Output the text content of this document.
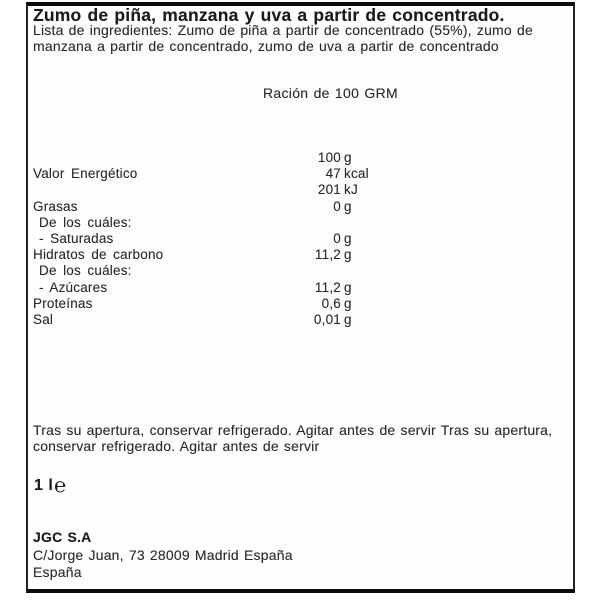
Zumo de piña, manzana y uva a partir de concentrado.
Lista de ingredientes: Zumo de piña a partir de concentrado (55%), zumo de manzana a partir de concentrado, zumo de uva a partir de concentrado
Ración de 100 GRM
100 g
Valor Energético	47 kcal
201 kJ
Grasas	0 g
De los cuáles:
- Saturadas	0 g
Hidratos de carbono	11,2 g
De los cuáles:
- Azúcares	11,2 g
Proteínas	0,6 g
Sal	0,01 g
Tras su apertura, conservar refrigerado. Agitar antes de servir Tras su apertura, conservar refrigerado. Agitar antes de servir
1 l℮
JGC S.A
C/Jorge Juan, 73 28009 Madrid España
España
